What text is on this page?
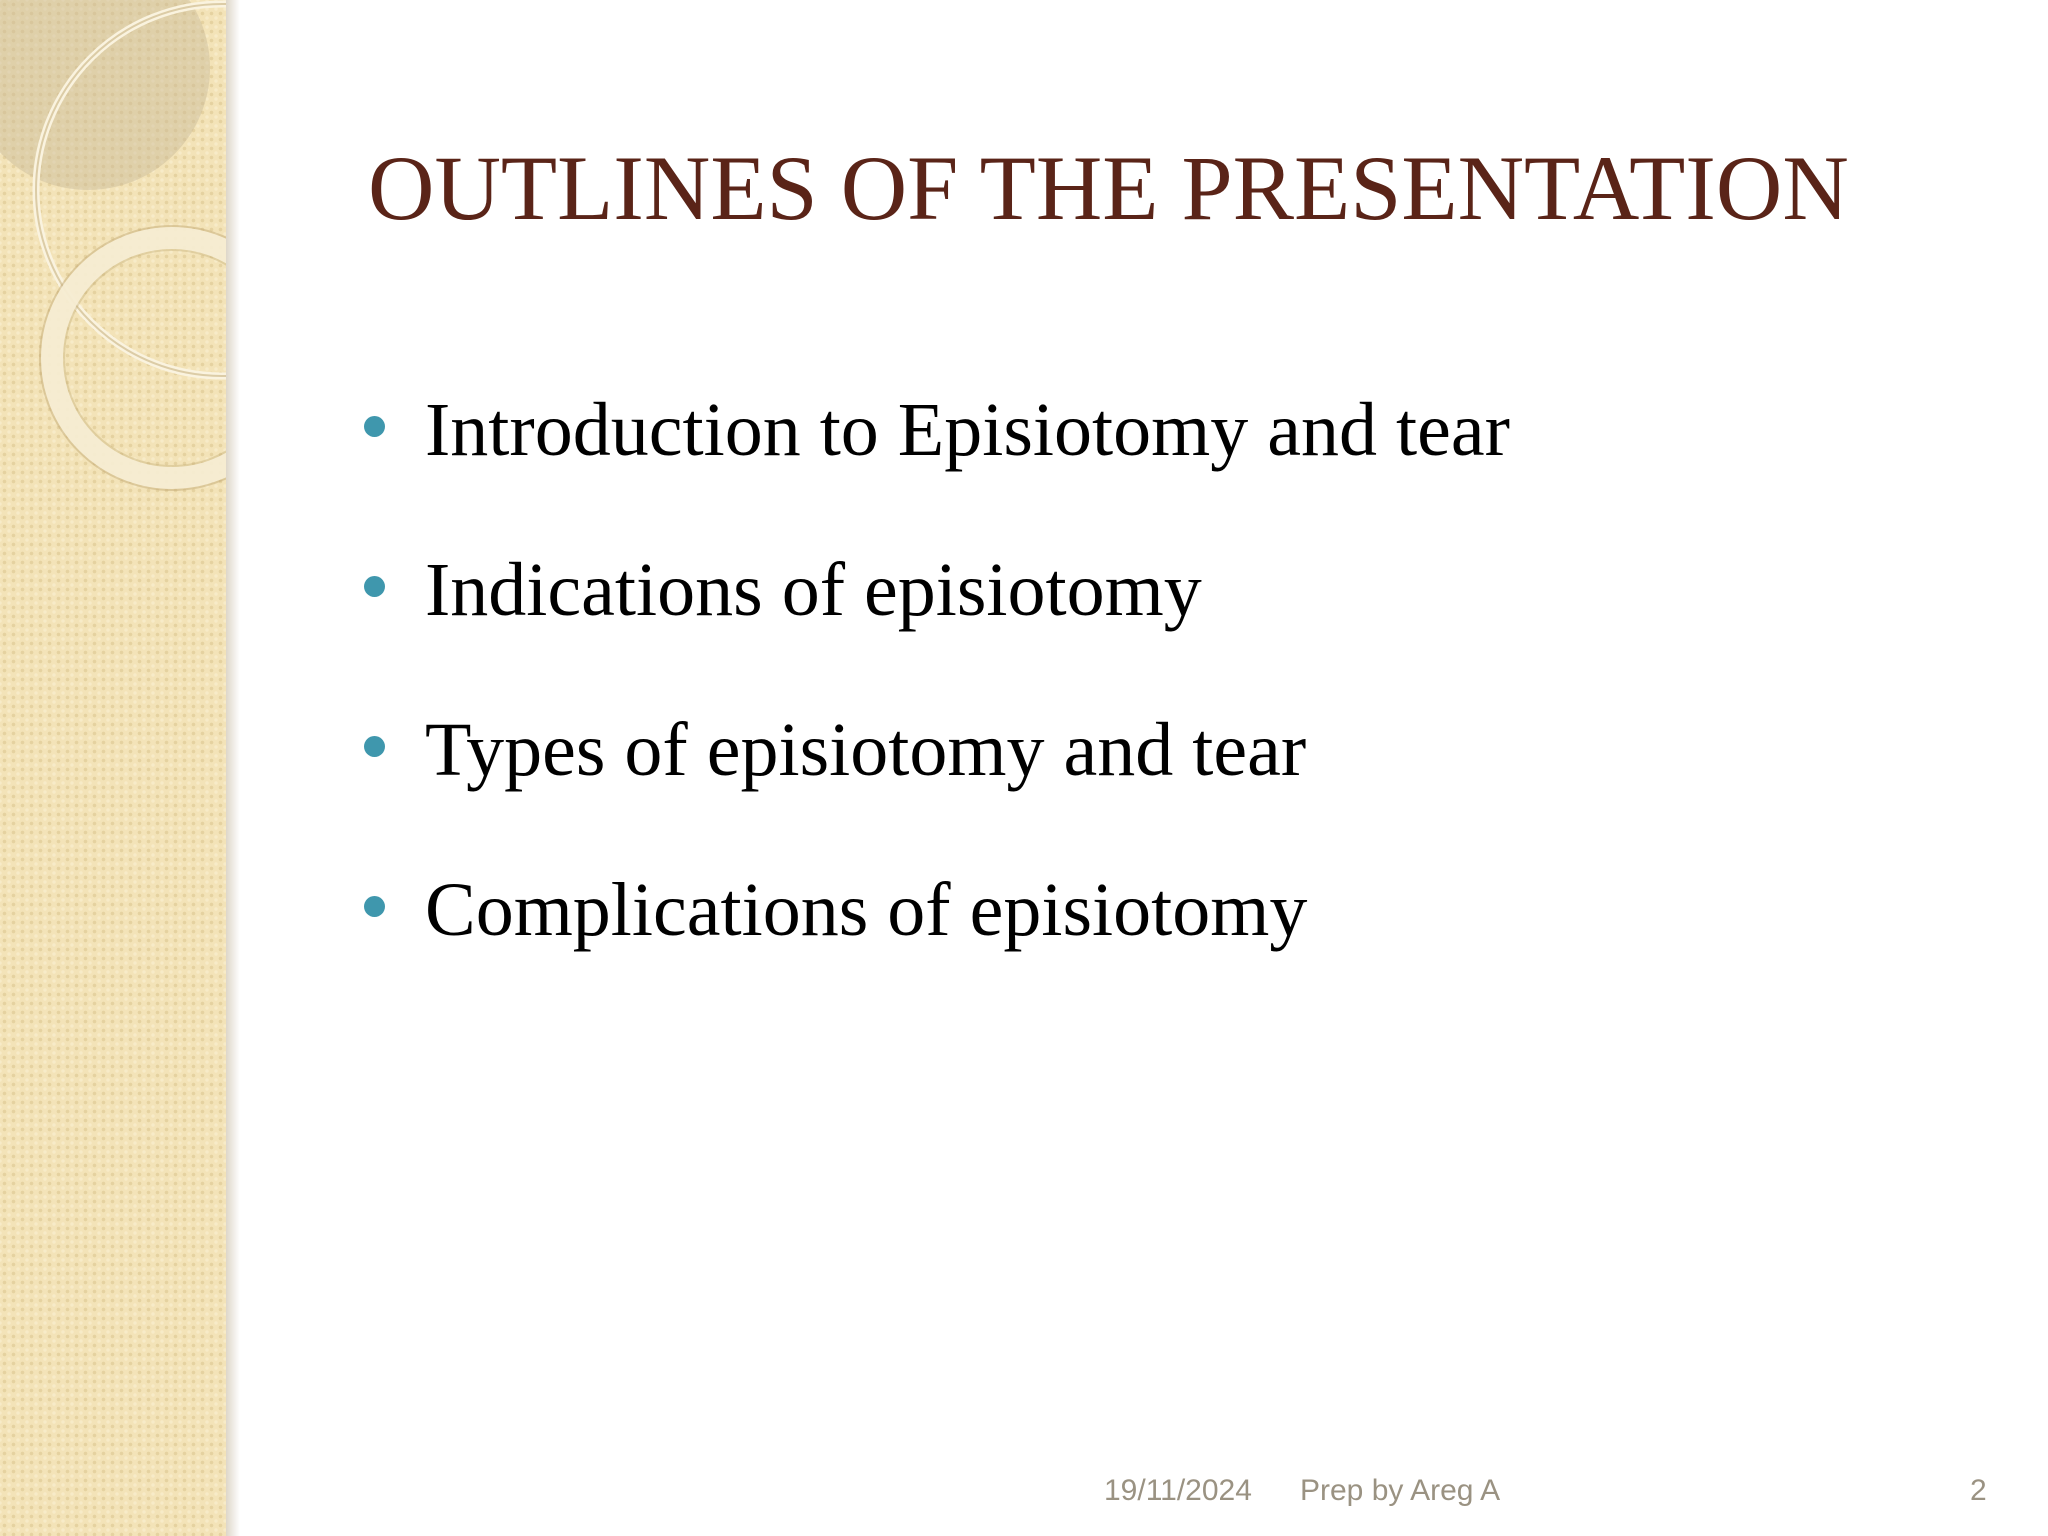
OUTLINES OF THE PRESENTATION
Introduction to Episiotomy and tear
Indications of episiotomy
Types of episiotomy and tear
Complications of episiotomy
19/11/2024 Prep by Areg A	2
